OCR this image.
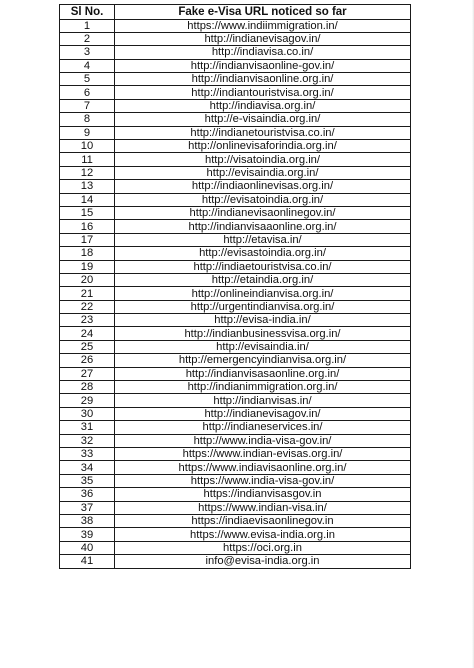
Sl No.	Fake e-Visa URL noticed so far
1	https://www.indiimmigration.in/
2	http://indianevisagov.in/
3	http://indiavisa.co.in/
4	http://indianvisaonline-gov.in/
5	http://indianvisaonline.org.in/
6	http://indiantouristvisa.org.in/
7	http://indiavisa.org.in/
8	http://e-visaindia.org.in/
9	http://indianetouristvisa.co.in/
10	http://onlinevisaforindia.org.in/
11	http://visatoindia.org.in/
12	http://evisaindia.org.in/
13	http://indiaonlinevisas.org.in/
14	http://evisatoindia.org.in/
15	http://indianevisaonlinegov.in/
16	http://indianvisaaonline.org.in/
17	http://etavisa.in/
18	http://evisastoindia.org.in/
19	http://indiaetouristvisa.co.in/
20	http://etaindia.org.in/
21	http://onlineindianvisa.org.in/
22	http://urgentindianvisa.org.in/
23	http://evisa-india.in/
24	http://indianbusinessvisa.org.in/
25	http://evisaindia.in/
26	http://emergencyindianvisa.org.in/
27	http://indianvisasaonline.org.in/
28	http://indianimmigration.org.in/
29	http://indianvisas.in/
30	http://indianevisagov.in/
31	http://indianeservices.in/
32	http://www.india-visa-gov.in/
33	https://www.indian-evisas.org.in/
34	https://www.indiavisaonline.org.in/
35	https://www.india-visa-gov.in/
36	https://indianvisasgov.in
37	https://www.indian-visa.in/
38	https://indiaevisaonlinegov.in
39	https://www.evisa-india.org.in
40	https://oci.org.in
41	info@evisa-india.org.in
